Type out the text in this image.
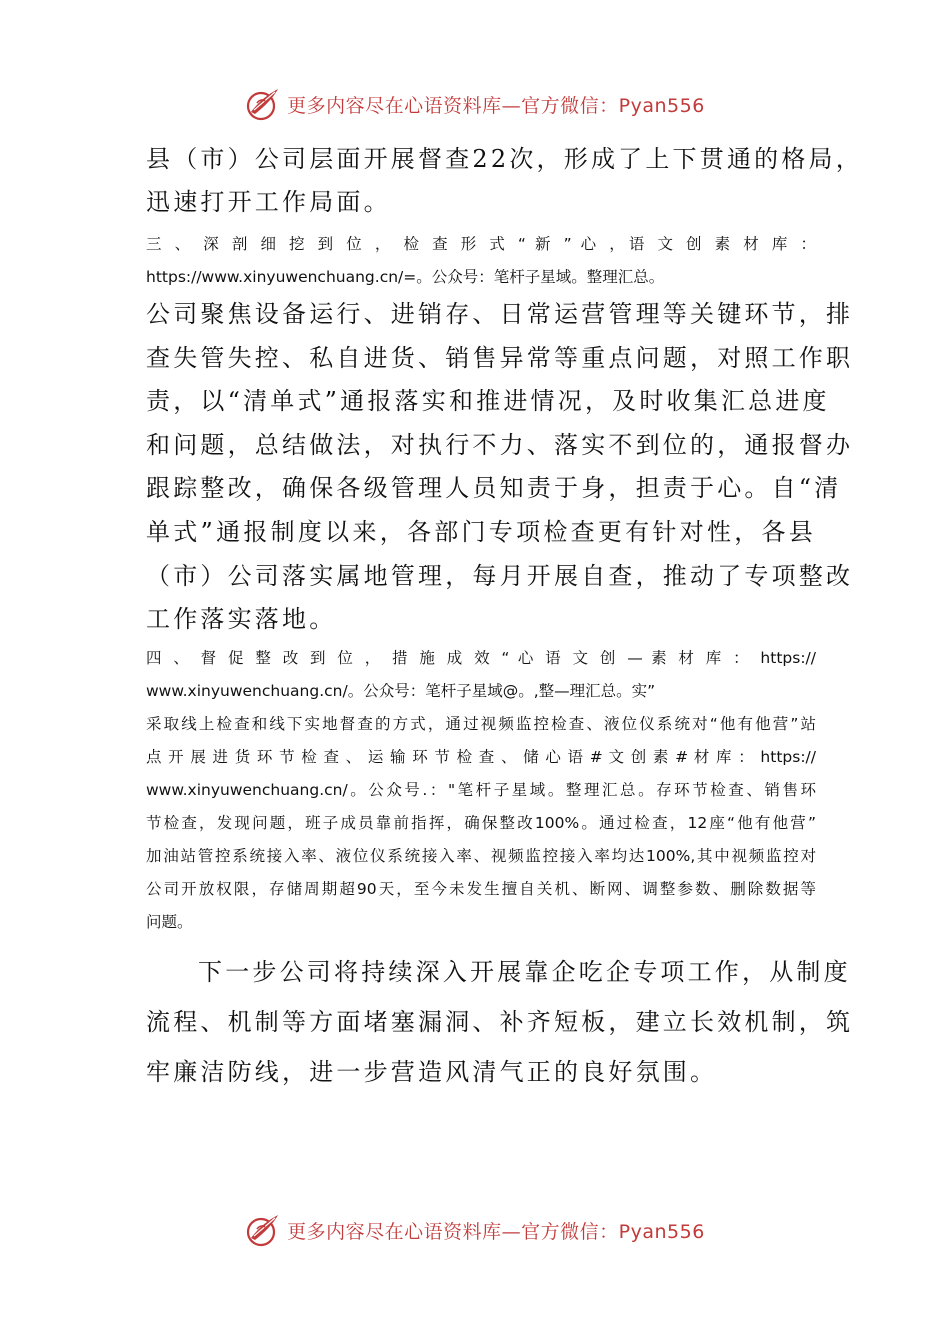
更多内容尽在心语资料库—官方微信：Pyan556

县（市）公司层面开展督查22次，形成了上下贯通的格局，

迅速打开工作局面。

三 、 深 剖 细 挖 到 位 ， 检 查 形 式 “ 新 ” 心 ，语 文 创 素 材 库 ：

https://www.xinyuwenchuang.cn/=。公众号：笔杆子星域。整理汇总。

公司聚焦设备运行、进销存、日常运营管理等关键环节，排

查失管失控、私自进货、销售异常等重点问题，对照工作职

责，以“清单式”通报落实和推进情况，及时收集汇总进度

和问题，总结做法，对执行不力、落实不到位的，通报督办

跟踪整改，确保各级管理人员知责于身，担责于心。自“清

单式”通报制度以来，各部门专项检查更有针对性，各县

（市）公司落实属地管理，每月开展自查，推动了专项整改

工作落实落地。

四 、 督 促 整 改 到 位 ， 措 施 成 效 “ 心 语 文 创 — 素 材 库 ： https://

www.xinyuwenchuang.cn/。公众号：笔杆子星域@。,整—理汇总。实”

采取线上检查和线下实地督查的方式，通过视频监控检查、液位仪系统对“他有他营”站

点 开 展 进 货 环 节 检 查 、 运 输 环 节 检 查 、 储 心 语 # 文 创 素 # 材 库 ： https://

www.xinyuwenchuang.cn/。公众号.："笔杆子星域。整理汇总。存环节检查、销售环

节检查，发现问题，班子成员靠前指挥，确保整改100%。通过检查，12座“他有他营”

加油站管控系统接入率、液位仪系统接入率、视频监控接入率均达100%,其中视频监控对

公司开放权限，存储周期超90天，至今未发生擅自关机、断网、调整参数、删除数据等

问题。

下一步公司将持续深入开展靠企吃企专项工作，从制度

流程、机制等方面堵塞漏洞、补齐短板，建立长效机制，筑

牢廉洁防线，进一步营造风清气正的良好氛围。

更多内容尽在心语资料库—官方微信：Pyan556
